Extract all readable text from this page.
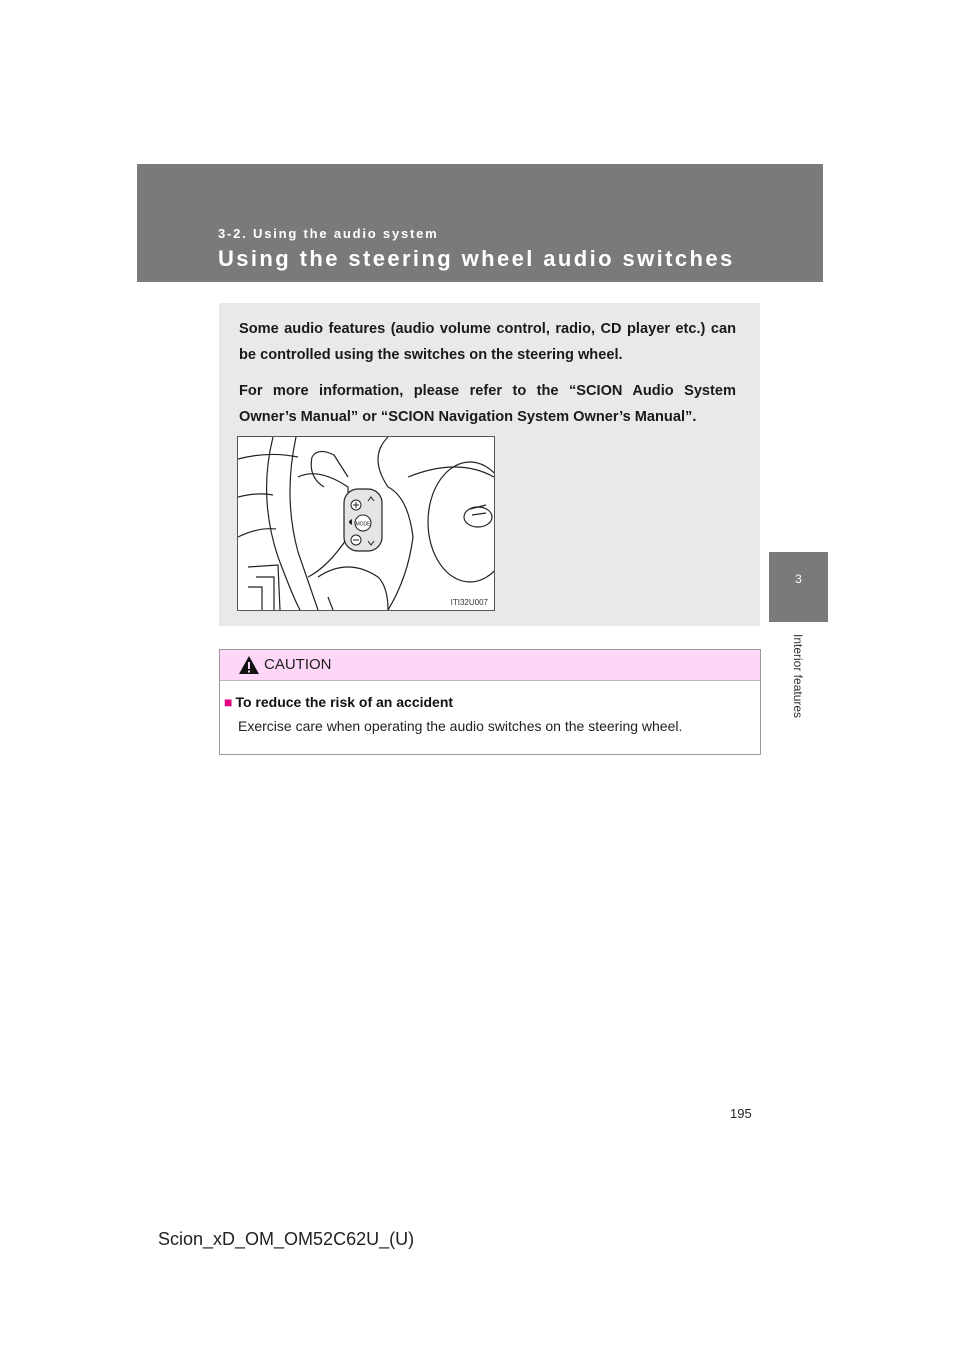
3-2. Using the audio system
Using the steering wheel audio switches
3
Interior features

Some audio features (audio volume control, radio, CD player etc.) can be controlled using the switches on the steering wheel.

For more information, please refer to the “SCION Audio System Owner’s Manual” or “SCION Navigation System Owner’s Manual”.

MODE
ITI32U007
CAUTION
■ To reduce the risk of an accident
Exercise care when operating the audio switches on the steering wheel.
195
Scion_xD_OM_OM52C62U_(U)
